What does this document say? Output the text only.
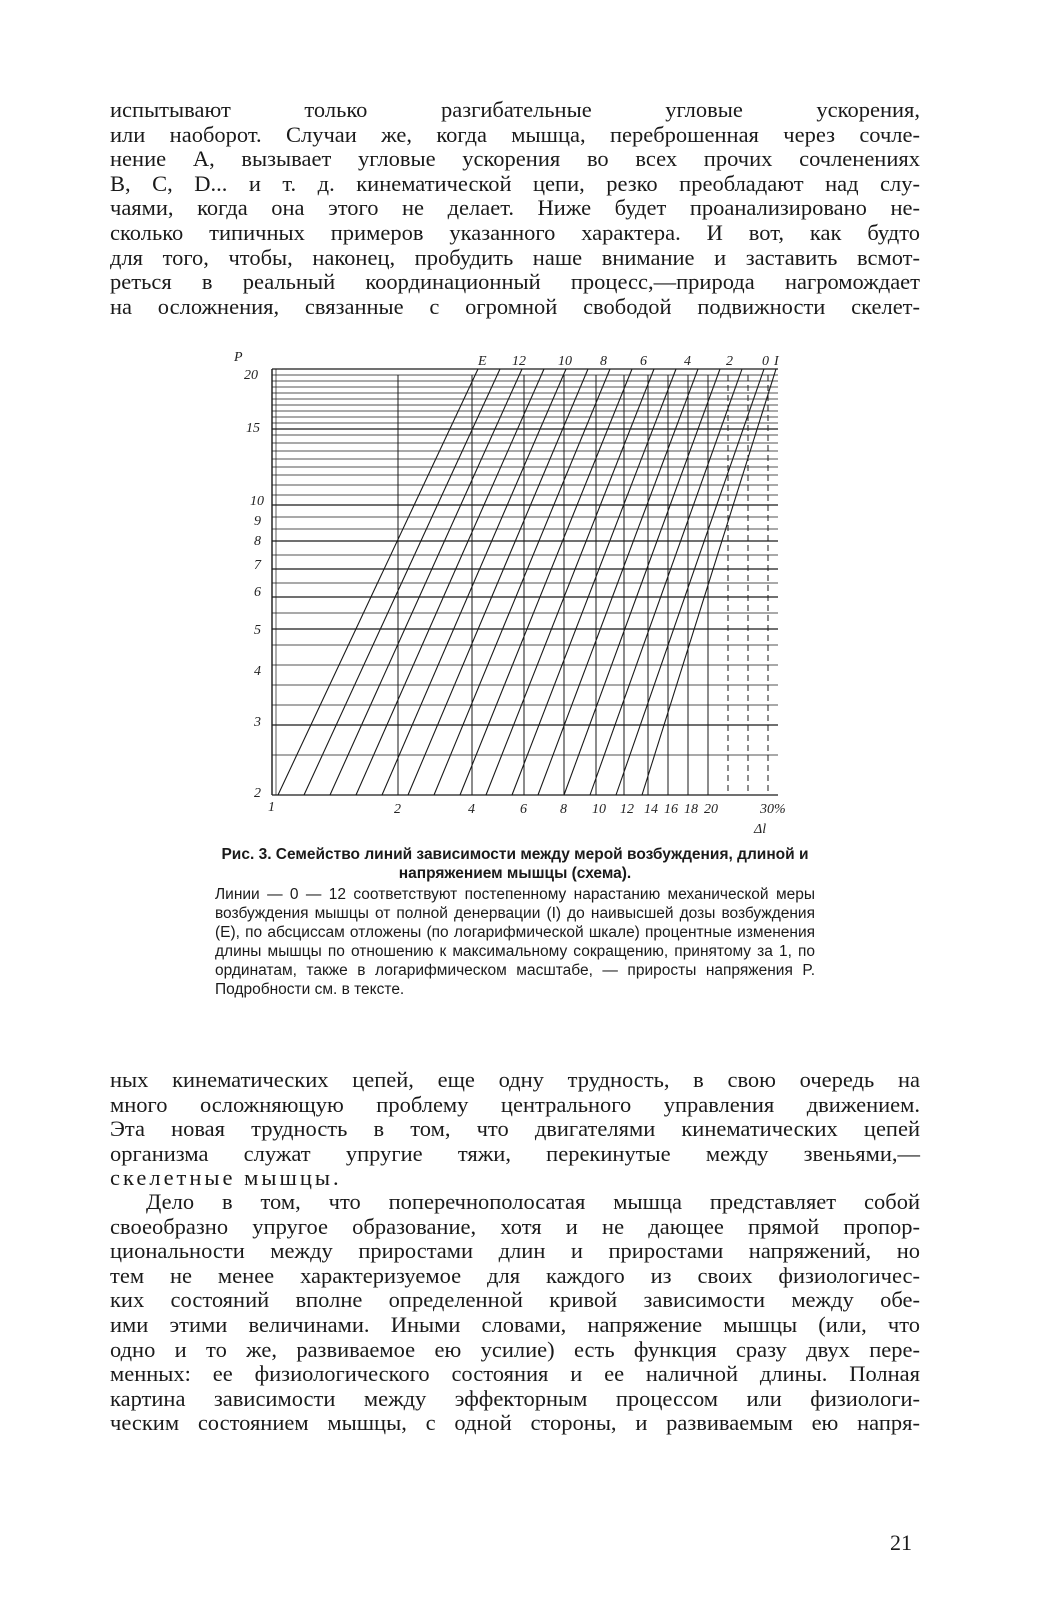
испытывают только разгибательные угловые ускорения,
или наоборот. Случаи же, когда мышца, переброшенная через сочле-
нение A, вызывает угловые ускорения во всех прочих сочленениях
B, C, D... и т. д. кинематической цепи, резко преобладают над слу-
чаями, когда она этого не делает. Ниже будет проанализировано не-
сколько типичных примеров указанного характера. И вот, как будто
для того, чтобы, наконец, пробудить наше внимание и заставить всмот-
реться в реальный координационный процесс,—природа нагромождает
на осложнения, связанные с огромной свободой подвижности скелет-
P
Δl
20
15
10
9
8
7
6
5
4
3
2
1	2	4	6 8 10 12 14 16 18 20	30%
E 12 10 8 6	4	2 0 I
Рис. 3. Семейство линий зависимости между мерой возбуждения, длиной и напряжением мышцы (схема).
Линии — 0 — 12 соответствуют постепенному нарастанию механической меры возбуждения мышцы от полной денервации (I) до наивысшей дозы возбуждения (E), по абсциссам отложены (по логарифмической шкале) процентные изменения длины мышцы по отношению к максимальному сокращению, принятому за 1, по ординатам, также в логарифмическом масштабе, — приросты напряжения P. Подробности см. в тексте.
ных кинематических цепей, еще одну трудность, в свою очередь на
много осложняющую проблему центрального управления движением.
Эта новая трудность в том, что двигателями кинематических цепей
организма служат упругие тяжи, перекинутые между звеньями,—
скелетные мышцы.
Дело в том, что поперечнополосатая мышца представляет собой
своеобразно упругое образование, хотя и не дающее прямой пропор-
циональности между приростами длин и приростами напряжений, но
тем не менее характеризуемое для каждого из своих физиологичес-
ких состояний вполне определенной кривой зависимости между обе-
ими этими величинами. Иными словами, напряжение мышцы (или, что
одно и то же, развиваемое ею усилие) есть функция сразу двух пере-
менных: ее физиологического состояния и ее наличной длины. Полная
картина зависимости между эффекторным процессом или физиологи-
ческим состоянием мышцы, с одной стороны, и развиваемым ею напря-
21
